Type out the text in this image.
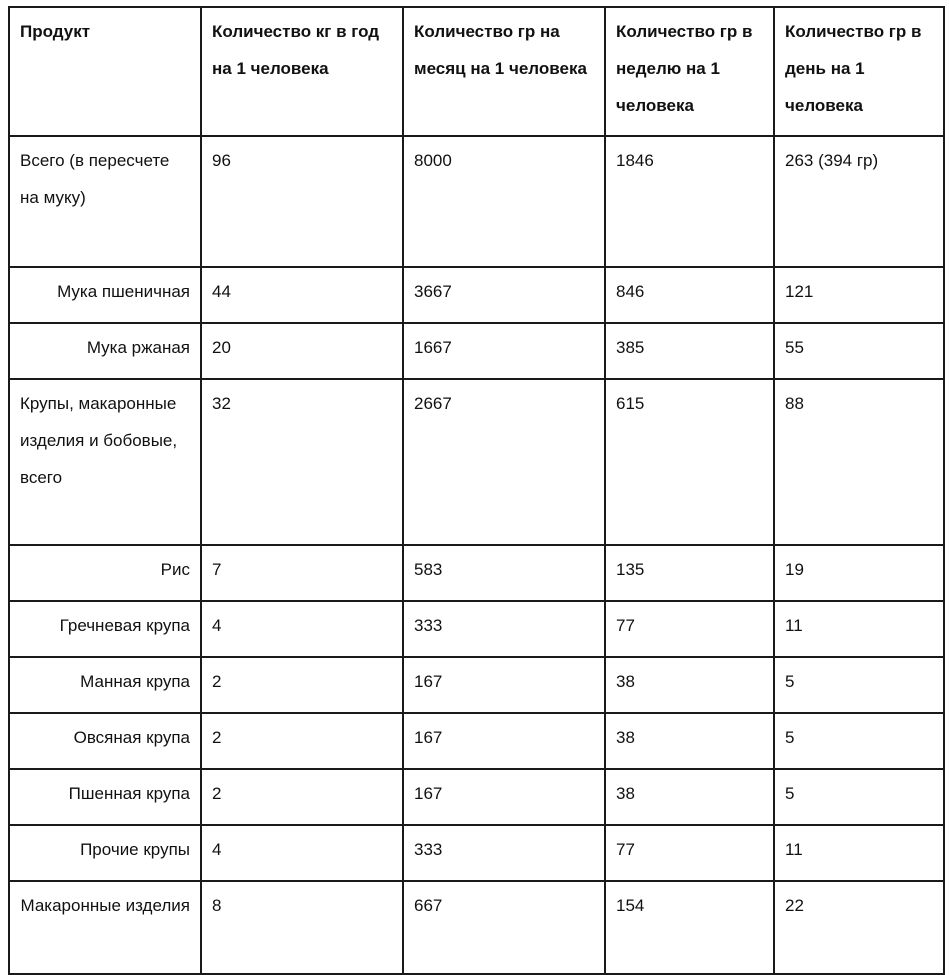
Продукт	Количество кг в год на 1 человека	Количество гр на месяц на 1 человека	Количество гр в неделю на 1 человека	Количество гр в день на 1 человека
Всего (в пересчете на муку)	96	8000	1846	263 (394 гр)
Мука пшеничная	44	3667	846	121
Мука ржаная	20	1667	385	55
Крупы, макаронные изделия и бобовые, всего	32	2667	615	88
Рис	7	583	135	19
Гречневая крупа	4	333	77	11
Манная крупа	2	167	38	5
Овсяная крупа	2	167	38	5
Пшенная крупа	2	167	38	5
Прочие крупы	4	333	77	11
Макаронные изделия	8	667	154	22
